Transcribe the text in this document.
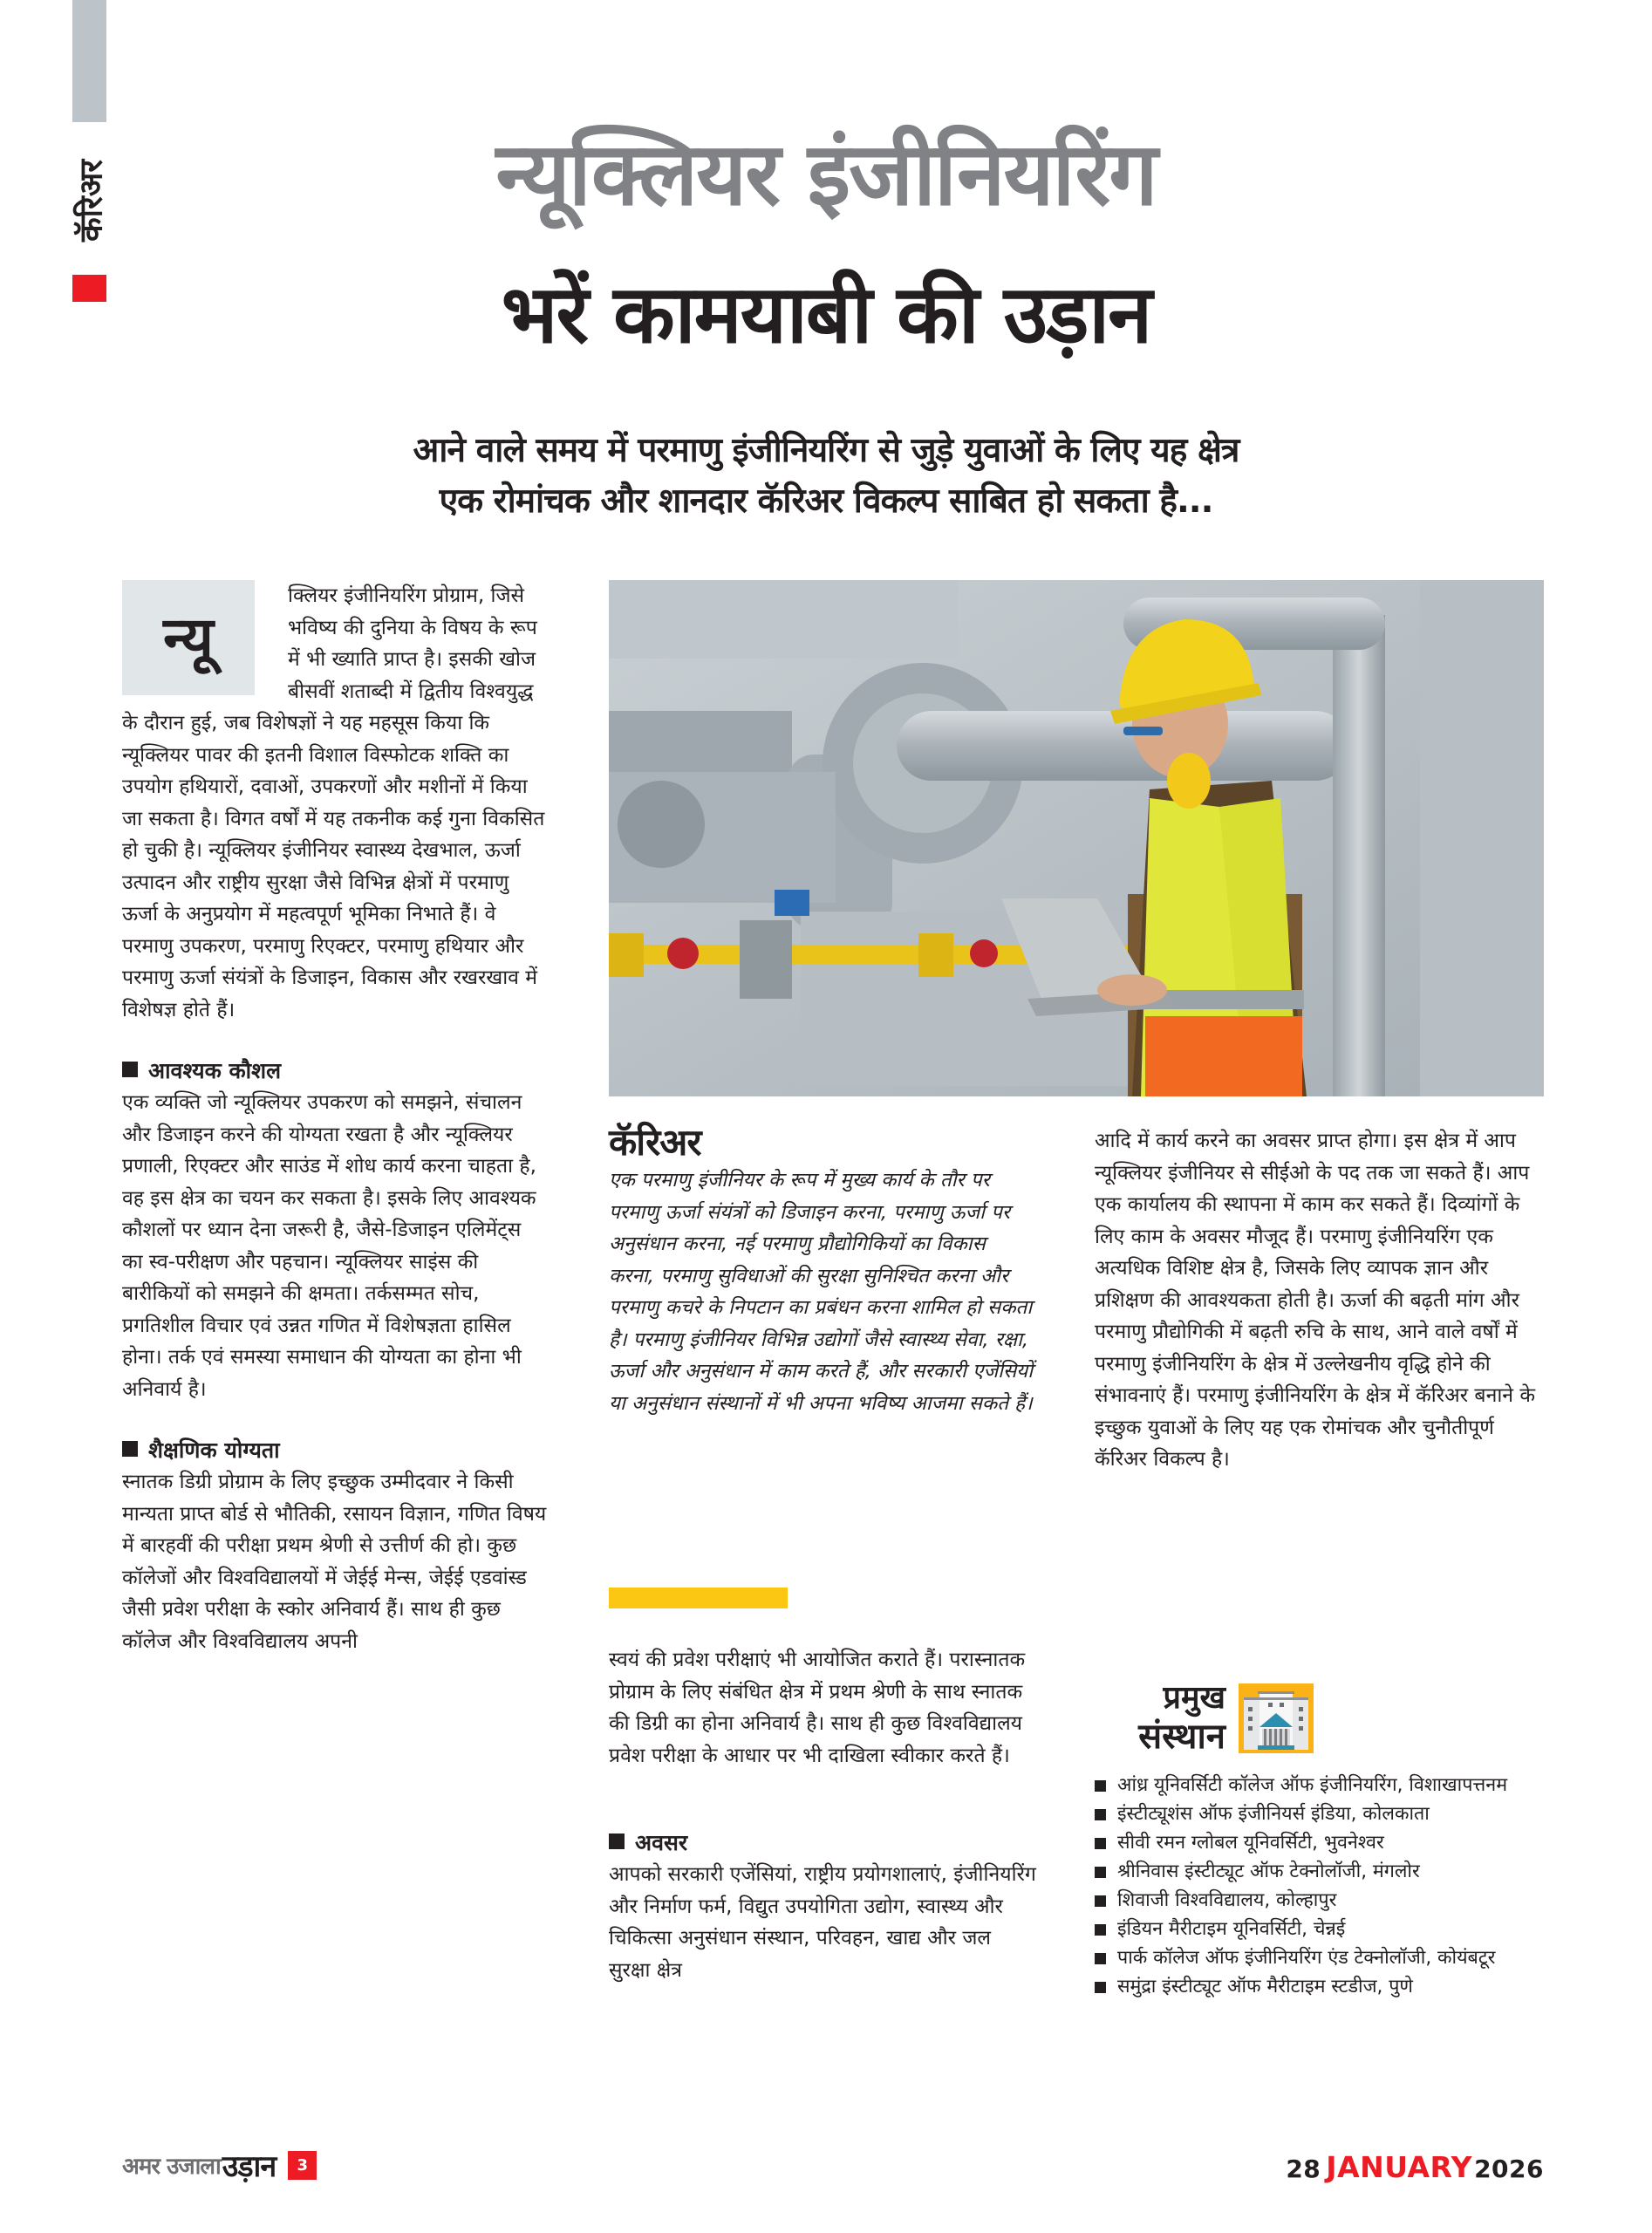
कॅरिअर	न्यूक्लियर इंजीनियरिंग
भरें कामयाबी की उड़ान
आने वाले समय में परमाणु इंजीनियरिंग से जुड़े युवाओं के लिए यह क्षेत्र
एक रोमांचक और शानदार कॅरिअर विकल्प साबित हो सकता है...
न्यू

क्लियर इंजीनियरिंग प्रोग्राम, जिसे भविष्य की दुनिया के विषय के रूप में भी ख्याति प्राप्त है। इसकी खोज बीसवीं शताब्दी में द्वितीय विश्वयुद्ध के दौरान हुई, जब विशेषज्ञों ने यह महसूस किया कि न्यूक्लियर पावर की इतनी विशाल विस्फोटक शक्ति का उपयोग हथियारों, दवाओं, उपकरणों और मशीनों में किया जा सकता है। विगत वर्षों में यह तकनीक कई गुना विकसित हो चुकी है। न्यूक्लियर इंजीनियर स्वास्थ्य देखभाल, ऊर्जा उत्पादन और राष्ट्रीय सुरक्षा जैसे विभिन्न क्षेत्रों में परमाणु ऊर्जा के अनुप्रयोग में महत्वपूर्ण भूमिका निभाते हैं। वे परमाणु उपकरण, परमाणु रिएक्टर, परमाणु हथियार और परमाणु ऊर्जा संयंत्रों के डिजाइन, विकास और रखरखाव में विशेषज्ञ होते हैं।

आवश्यक कौशल

एक व्यक्ति जो न्यूक्लियर उपकरण को समझने, संचालन और डिजाइन करने की योग्यता रखता है और न्यूक्लियर प्रणाली, रिएक्टर और साउंड में शोध कार्य करना चाहता है, वह इस क्षेत्र का चयन कर सकता है। इसके लिए आवश्यक कौशलों पर ध्यान देना जरूरी है, जैसे-डिजाइन एलिमेंट्स का स्व-परीक्षण और पहचान। न्यूक्लियर साइंस की बारीकियों को समझने की क्षमता। तर्कसम्मत सोच, प्रगतिशील विचार एवं उन्नत गणित में विशेषज्ञता हासिल होना। तर्क एवं समस्या समाधान की योग्यता का होना भी अनिवार्य है।

शैक्षणिक योग्यता

स्नातक डिग्री प्रोग्राम के लिए इच्छुक उम्मीदवार ने किसी मान्यता प्राप्त बोर्ड से भौतिकी, रसायन विज्ञान, गणित विषय में बारहवीं की परीक्षा प्रथम श्रेणी से उत्तीर्ण की हो। कुछ कॉलेजों और विश्वविद्यालयों में जेईई मेन्स, जेईई एडवांस्ड जैसी प्रवेश परीक्षा के स्कोर अनिवार्य हैं। साथ ही कुछ कॉलेज और विश्वविद्यालय अपनी

कॅरिअर

एक परमाणु इंजीनियर के रूप में मुख्य कार्य के तौर पर परमाणु ऊर्जा संयंत्रों को डिजाइन करना, परमाणु ऊर्जा पर अनुसंधान करना, नई परमाणु प्रौद्योगिकियों का विकास करना, परमाणु सुविधाओं की सुरक्षा सुनिश्चित करना और परमाणु कचरे के निपटान का प्रबंधन करना शामिल हो सकता है। परमाणु इंजीनियर विभिन्न उद्योगों जैसे स्वास्थ्य सेवा, रक्षा, ऊर्जा और अनुसंधान में काम करते हैं, और सरकारी एजेंसियों या अनुसंधान संस्थानों में भी अपना भविष्य आजमा सकते हैं।

स्वयं की प्रवेश परीक्षाएं भी आयोजित कराते हैं। परास्नातक प्रोग्राम के लिए संबंधित क्षेत्र में प्रथम श्रेणी के साथ स्नातक की डिग्री का होना अनिवार्य है। साथ ही कुछ विश्वविद्यालय प्रवेश परीक्षा के आधार पर भी दाखिला स्वीकार करते हैं।

अवसर

आपको सरकारी एजेंसियां, राष्ट्रीय प्रयोगशालाएं, इंजीनियरिंग और निर्माण फर्म, विद्युत उपयोगिता उद्योग, स्वास्थ्य और चिकित्सा अनुसंधान संस्थान, परिवहन, खाद्य और जल सुरक्षा क्षेत्र

आदि में कार्य करने का अवसर प्राप्त होगा। इस क्षेत्र में आप न्यूक्लियर इंजीनियर से सीईओ के पद तक जा सकते हैं। आप एक कार्यालय की स्थापना में काम कर सकते हैं। दिव्यांगों के लिए काम के अवसर मौजूद हैं। परमाणु इंजीनियरिंग एक अत्यधिक विशिष्ट क्षेत्र है, जिसके लिए व्यापक ज्ञान और प्रशिक्षण की आवश्यकता होती है। ऊर्जा की बढ़ती मांग और परमाणु प्रौद्योगिकी में बढ़ती रुचि के साथ, आने वाले वर्षों में परमाणु इंजीनियरिंग के क्षेत्र में उल्लेखनीय वृद्धि होने की संभावनाएं हैं। परमाणु इंजीनियरिंग के क्षेत्र में कॅरिअर बनाने के इच्छुक युवाओं के लिए यह एक रोमांचक और चुनौतीपूर्ण कॅरिअर विकल्प है।

प्रमुख
संस्थान
आंध्र यूनिवर्सिटी कॉलेज ऑफ इंजीनियरिंग, विशाखापत्तनम
इंस्टीट्यूशंस ऑफ इंजीनियर्स इंडिया, कोलकाता
सीवी रमन ग्लोबल यूनिवर्सिटी, भुवनेश्वर
श्रीनिवास इंस्टीट्यूट ऑफ टेक्नोलॉजी, मंगलोर
शिवाजी विश्वविद्यालय, कोल्हापुर
इंडियन मैरीटाइम यूनिवर्सिटी, चेन्नई
पार्क कॉलेज ऑफ इंजीनियरिंग एंड टेक्नोलॉजी, कोयंबटूर
समुंद्रा इंस्टीट्यूट ऑफ मैरीटाइम स्टडीज, पुणे
अमर उजाला उड़ान	3	28 JANUARY2026
